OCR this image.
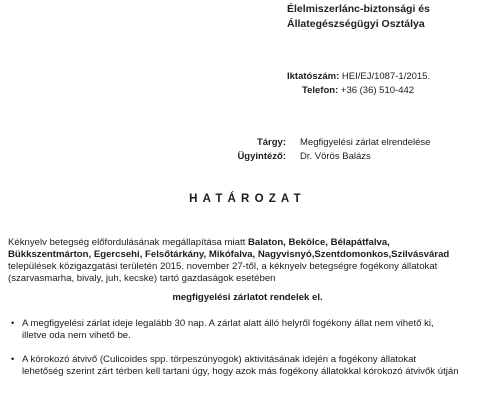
Élelmiszerlánc-biztonsági és
Állategészségügyi Osztálya
Iktatószám: HEI/EJ/1087-1/2015.
Telefon: +36 (36) 510-442
Tárgy: Megfigyelési zárlat elrendelése
Ügyintéző: Dr. Vörös Balázs
HATÁROZAT
Kéknyelv betegség előfordulásának megállapítása miatt Balaton, Bekölce, Bélapátfalva,
Bükkszentmárton, Egercsehi, Felsőtárkány, Mikófalva, Nagyvisnyó,Szentdomonkos,Szilvásvárad
települések közigazgatási területén 2015. november 27-től, a kéknyelv betegségre fogékony állatokat
(szarvasmarha, bivaly, juh, kecske) tartó gazdaságok esetében
megfigyelési zárlatot rendelek el.
• A megfigyelési zárlat ideje legalább 30 nap. A zárlat alatt álló helyről fogékony állat nem vihető ki,
illetve oda nem vihető be.
• A kórokozó átvivő (Culicoides spp. törpeszúnyogok) aktivitásának idején a fogékony állatokat
lehetőség szerint zárt térben kell tartani úgy, hogy azok más fogékony állatokkal kórokozó átvivők útján
